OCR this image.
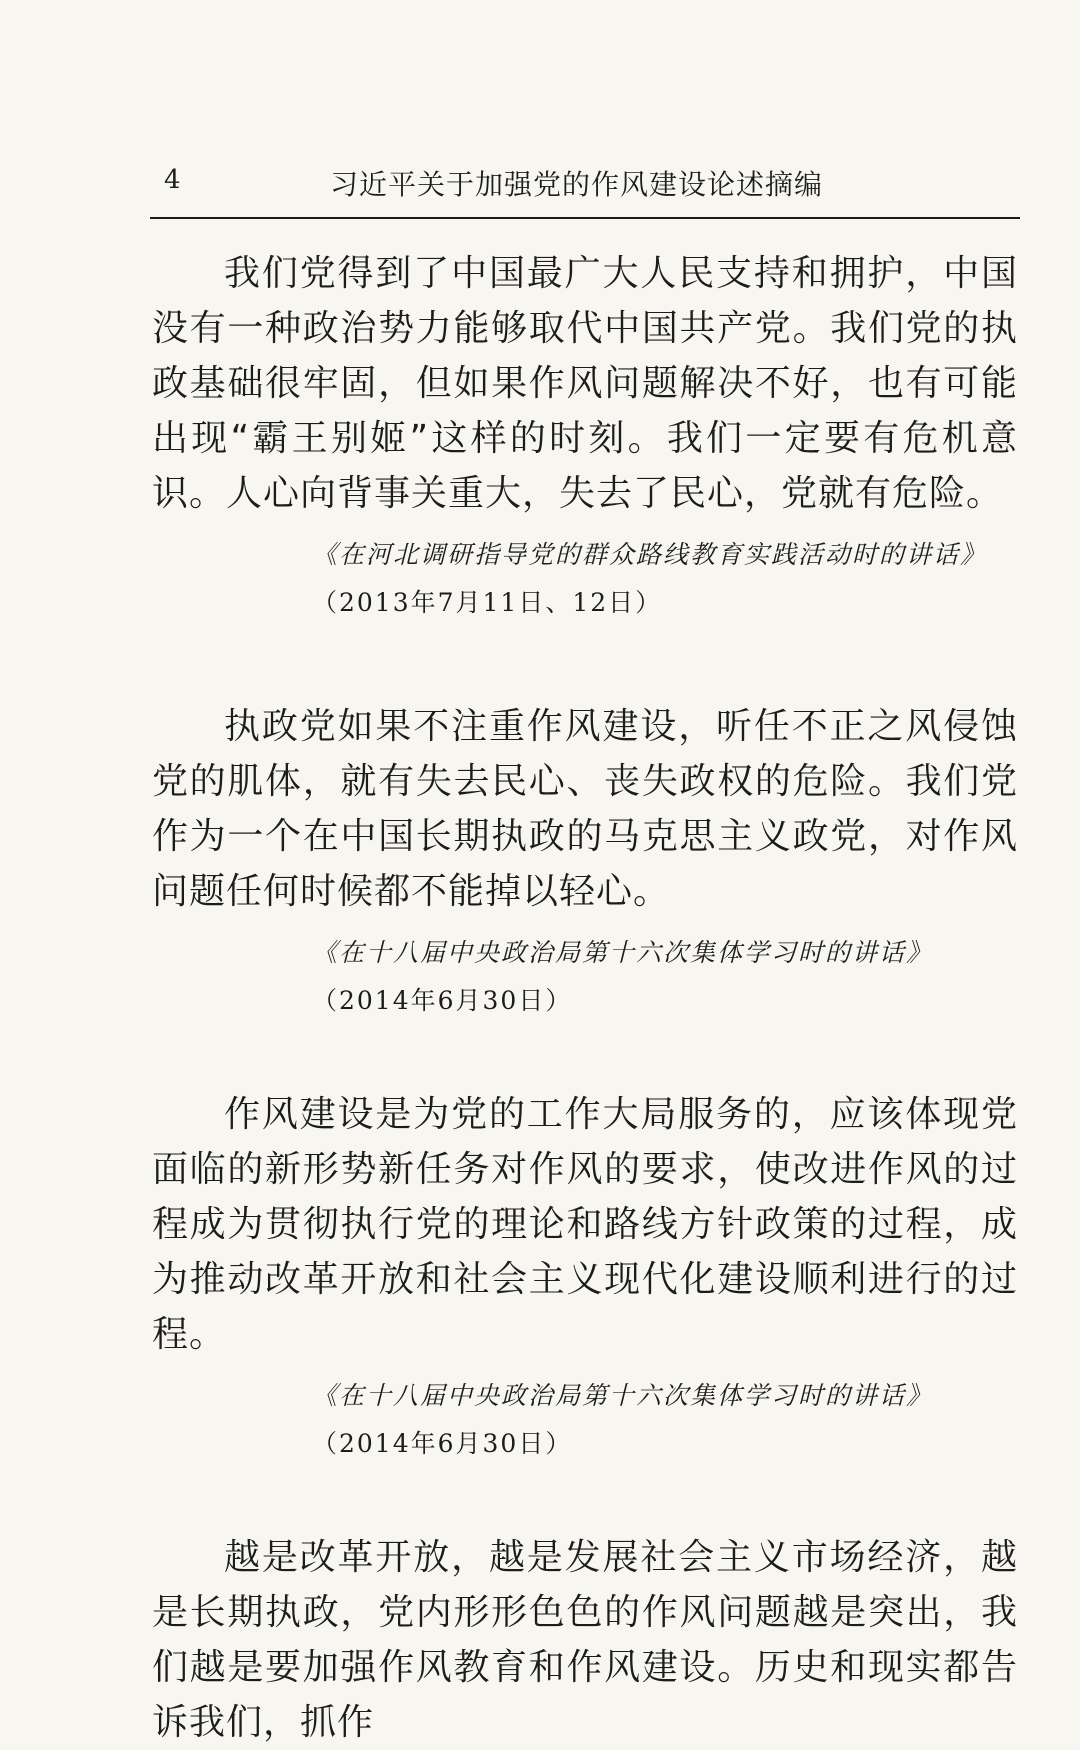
4	习近平关于加强党的作风建设论述摘编

我们党得到了中国最广大人民支持和拥护，中国没有一种政治势力能够取代中国共产党。我们党的执政基础很牢固，但如果作风问题解决不好，也有可能出现“霸王别姬”这样的时刻。我们一定要有危机意识。人心向背事关重大，失去了民心，党就有危险。

《在河北调研指导党的群众路线教育实践活动时的讲话》
（2013年7月11日、12日）

执政党如果不注重作风建设，听任不正之风侵蚀党的肌体，就有失去民心、丧失政权的危险。我们党作为一个在中国长期执政的马克思主义政党，对作风问题任何时候都不能掉以轻心。

《在十八届中央政治局第十六次集体学习时的讲话》 （2014年6月30日）

作风建设是为党的工作大局服务的，应该体现党面临的新形势新任务对作风的要求，使改进作风的过程成为贯彻执行党的理论和路线方针政策的过程，成为推动改革开放和社会主义现代化建设顺利进行的过程。

《在十八届中央政治局第十六次集体学习时的讲话》 （2014年6月30日）

越是改革开放，越是发展社会主义市场经济，越是长期执政，党内形形色色的作风问题越是突出，我们越是要加强作风教育和作风建设。历史和现实都告诉我们，抓作
